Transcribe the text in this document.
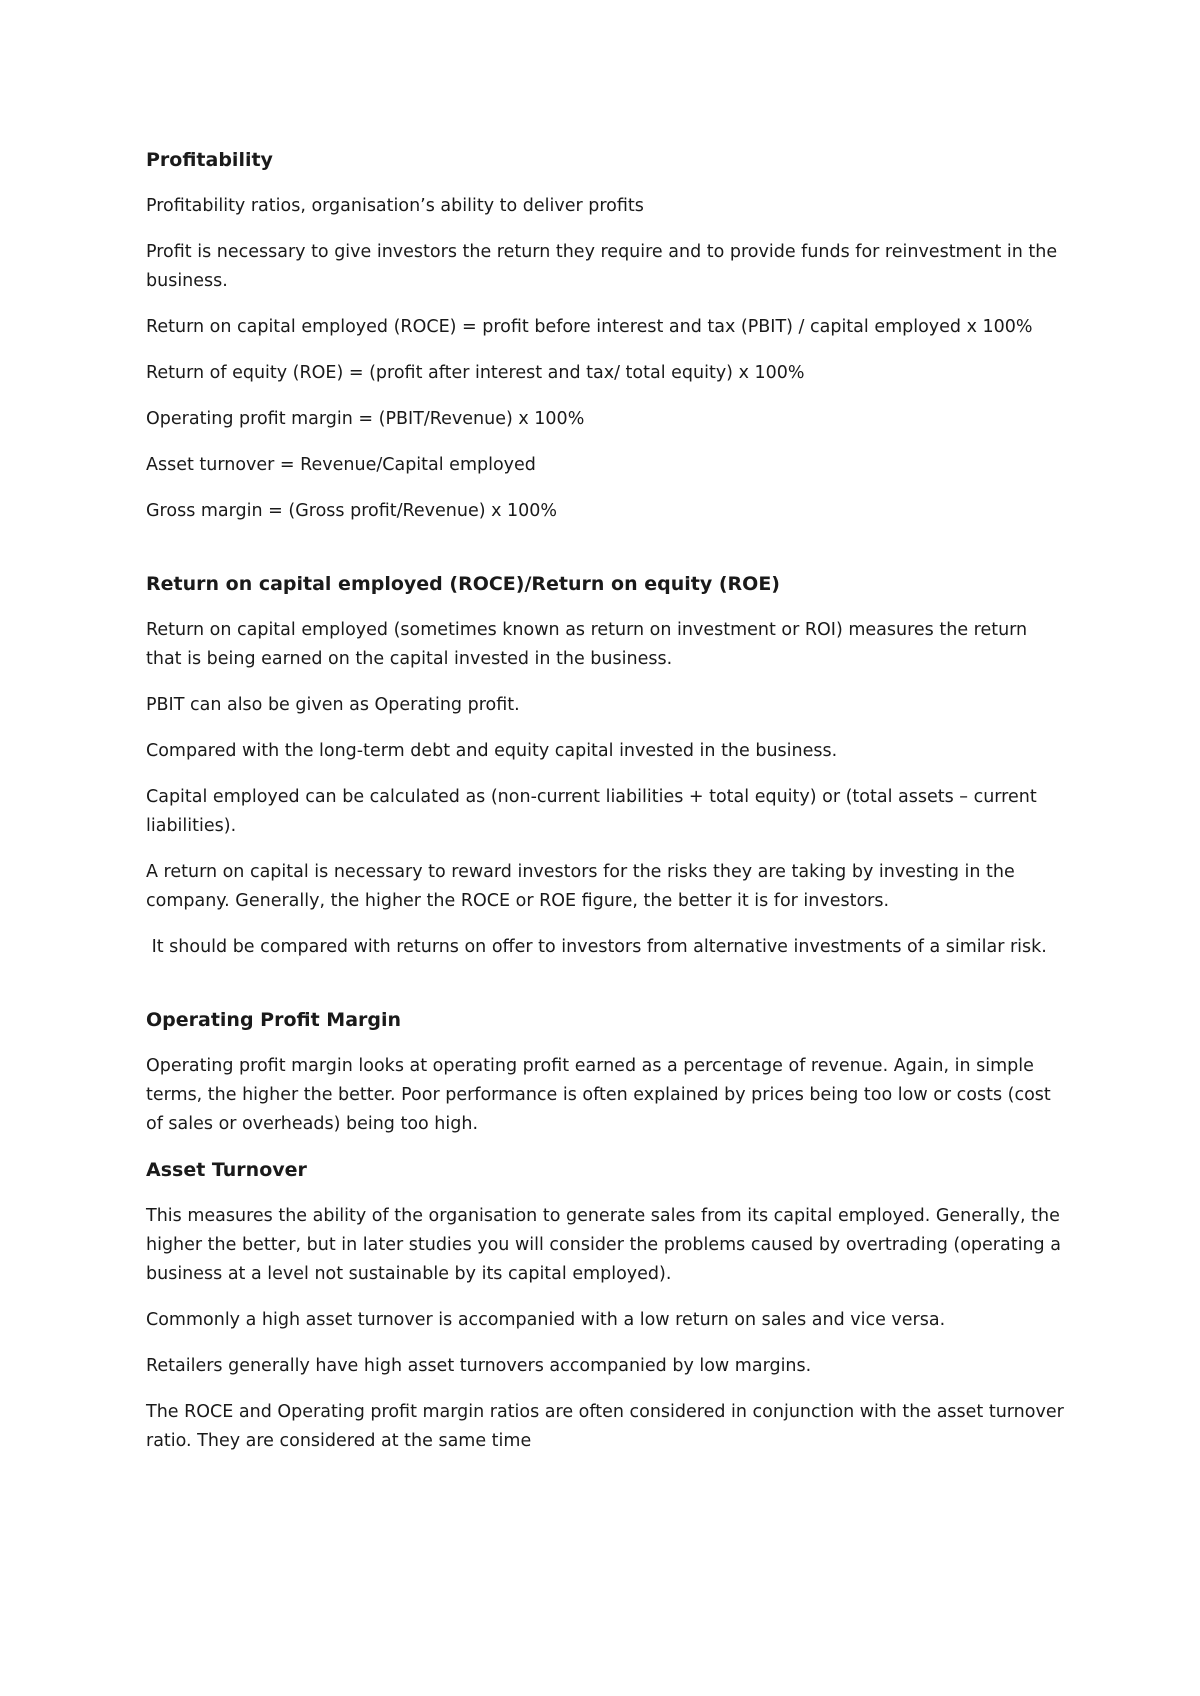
Profitability
Profitability ratios, organisation’s ability to deliver profits
Profit is necessary to give investors the return they require and to provide funds for reinvestment in the business.
Return on capital employed (ROCE) = profit before interest and tax (PBIT) / capital employed x 100%
Return of equity (ROE) = (profit after interest and tax/ total equity) x 100%
Operating profit margin = (PBIT/Revenue) x 100%
Asset turnover = Revenue/Capital employed
Gross margin = (Gross profit/Revenue) x 100%
Return on capital employed (ROCE)/Return on equity (ROE)
Return on capital employed (sometimes known as return on investment or ROI) measures the return that is being earned on the capital invested in the business.
PBIT can also be given as Operating profit.
Compared with the long-term debt and equity capital invested in the business.
Capital employed can be calculated as (non-current liabilities + total equity) or (total assets – current liabilities).
A return on capital is necessary to reward investors for the risks they are taking by investing in the company. Generally, the higher the ROCE or ROE figure, the better it is for investors.
It should be compared with returns on offer to investors from alternative investments of a similar risk.
Operating Profit Margin
Operating profit margin looks at operating profit earned as a percentage of revenue. Again, in simple terms, the higher the better. Poor performance is often explained by prices being too low or costs (cost of sales or overheads) being too high.
Asset Turnover
This measures the ability of the organisation to generate sales from its capital employed. Generally, the higher the better, but in later studies you will consider the problems caused by overtrading (operating a business at a level not sustainable by its capital employed).
Commonly a high asset turnover is accompanied with a low return on sales and vice versa.
Retailers generally have high asset turnovers accompanied by low margins.
The ROCE and Operating profit margin ratios are often considered in conjunction with the asset turnover ratio. They are considered at the same time
